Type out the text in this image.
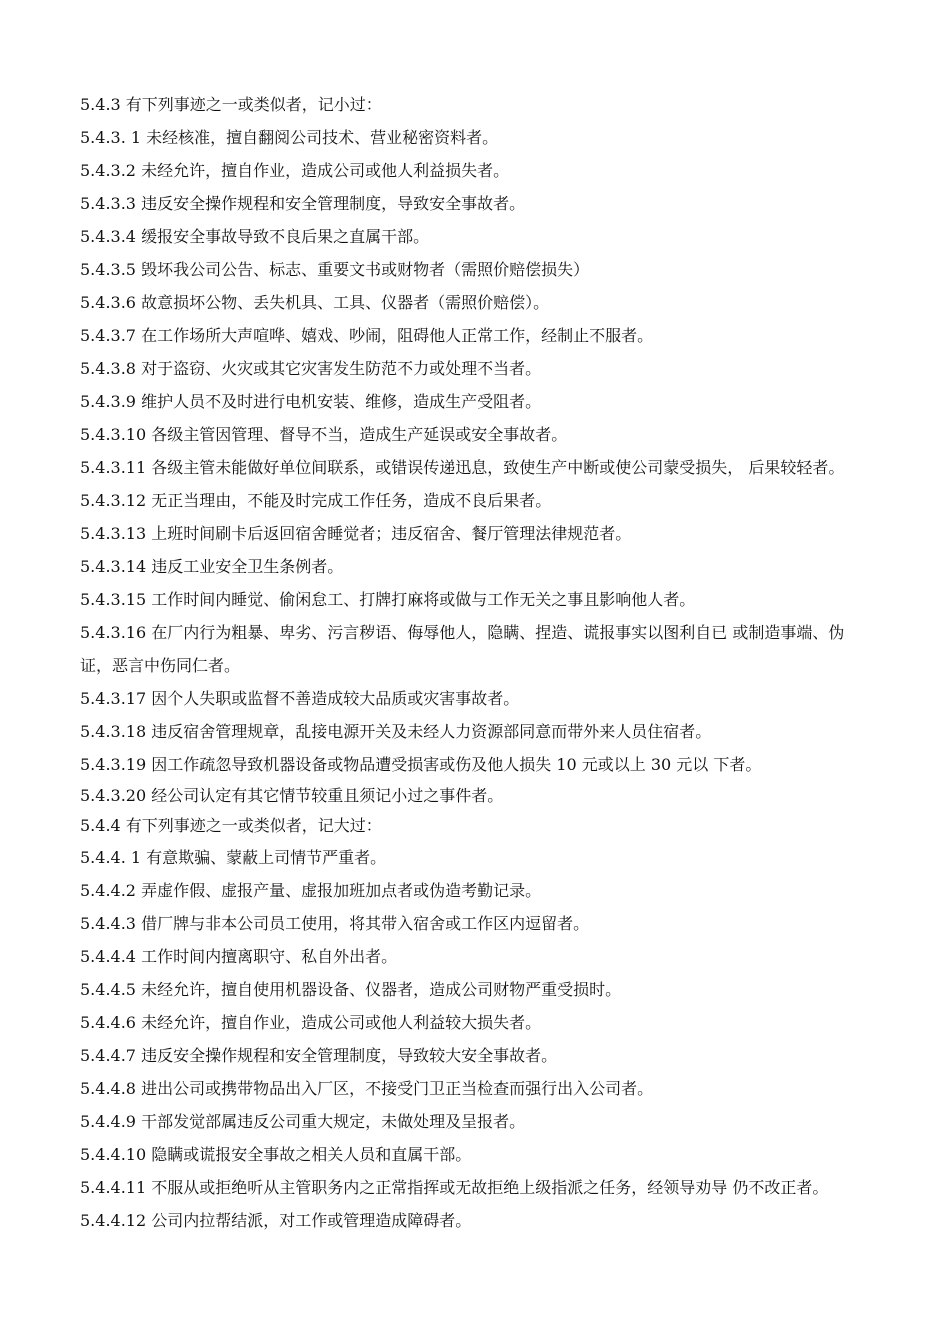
5.4.3 有下列事迹之一或类似者，记小过：

5.4.3. 1 未经核准，擅自翻阅公司技术、营业秘密资料者。

5.4.3.2 未经允许，擅自作业，造成公司或他人利益损失者。

5.4.3.3 违反安全操作规程和安全管理制度，导致安全事故者。

5.4.3.4 缓报安全事故导致不良后果之直属干部。

5.4.3.5 毁坏我公司公告、标志、重要文书或财物者（需照价赔偿损失）

5.4.3.6 故意损坏公物、丢失机具、工具、仪器者（需照价赔偿）。

5.4.3.7 在工作场所大声喧哗、嬉戏、吵闹，阻碍他人正常工作，经制止不服者。

5.4.3.8 对于盗窃、火灾或其它灾害发生防范不力或处理不当者。

5.4.3.9 维护人员不及时进行电机安装、维修，造成生产受阻者。

5.4.3.10 各级主管因管理、督导不当，造成生产延误或安全事故者。

5.4.3.11 各级主管未能做好单位间联系，或错误传递迅息，致使生产中断或使公司蒙受损失， 后果较轻者。

5.4.3.12 无正当理由，不能及时完成工作任务，造成不良后果者。

5.4.3.13 上班时间刷卡后返回宿舍睡觉者；违反宿舍、餐厅管理法律规范者。

5.4.3.14 违反工业安全卫生条例者。

5.4.3.15 工作时间内睡觉、偷闲怠工、打牌打麻将或做与工作无关之事且影响他人者。

5.4.3.16 在厂内行为粗暴、卑劣、污言秽语、侮辱他人，隐瞒、捏造、谎报事实以图利自已 或制造事端、伪证，恶言中伤同仁者。

5.4.3.17 因个人失职或监督不善造成较大品质或灾害事故者。

5.4.3.18 违反宿舍管理规章，乱接电源开关及未经人力资源部同意而带外来人员住宿者。

5.4.3.19 因工作疏忽导致机器设备或物品遭受损害或伤及他人损失 10 元或以上 30 元以 下者。

5.4.3.20 经公司认定有其它情节较重且须记小过之事件者。

5.4.4 有下列事迹之一或类似者，记大过：

5.4.4. 1 有意欺骗、蒙蔽上司情节严重者。

5.4.4.2 弄虚作假、虚报产量、虚报加班加点者或伪造考勤记录。

5.4.4.3 借厂牌与非本公司员工使用，将其带入宿舍或工作区内逗留者。

5.4.4.4 工作时间内擅离职守、私自外出者。

5.4.4.5 未经允许，擅自使用机器设备、仪器者，造成公司财物严重受损时。

5.4.4.6 未经允许，擅自作业，造成公司或他人利益较大损失者。

5.4.4.7 违反安全操作规程和安全管理制度，导致较大安全事故者。

5.4.4.8 进出公司或携带物品出入厂区，不接受门卫正当检查而强行出入公司者。

5.4.4.9 干部发觉部属违反公司重大规定，未做处理及呈报者。

5.4.4.10 隐瞒或谎报安全事故之相关人员和直属干部。

5.4.4.11 不服从或拒绝听从主管职务内之正常指挥或无故拒绝上级指派之任务，经领导劝导 仍不改正者。

5.4.4.12 公司内拉帮结派，对工作或管理造成障碍者。
